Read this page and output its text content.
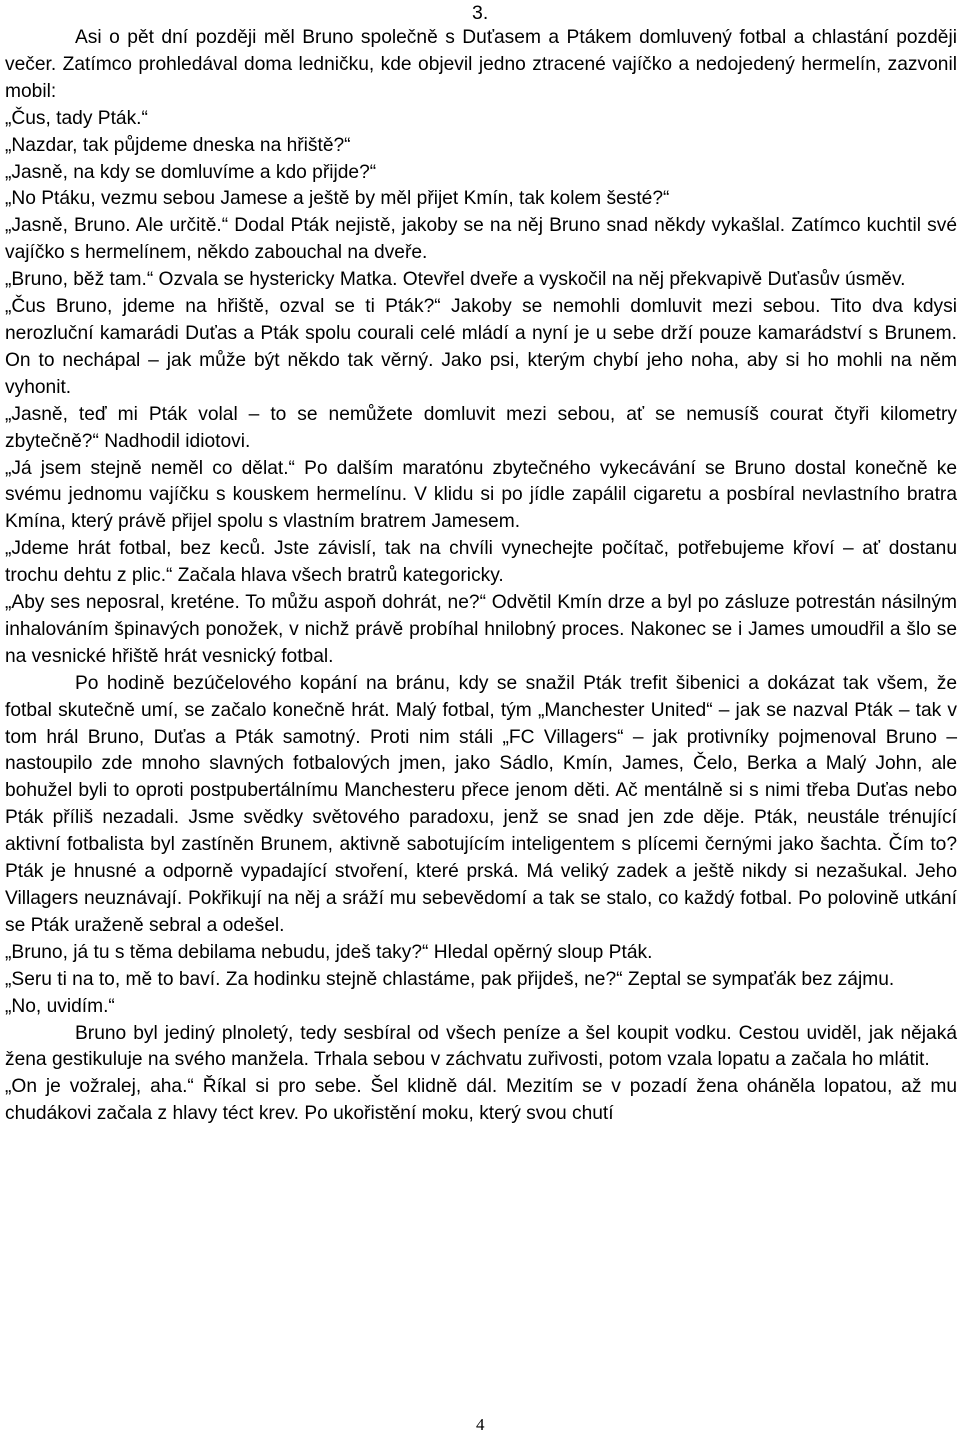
3.

Asi o pět dní později měl Bruno společně s Duťasem a Ptákem domluvený fotbal a chlastání později večer. Zatímco prohledával doma ledničku, kde objevil jedno ztracené vajíčko a nedojedený hermelín, zazvonil mobil:

„Čus, tady Pták.“

„Nazdar, tak půjdeme dneska na hřiště?“

„Jasně, na kdy se domluvíme a kdo přijde?“

„No Ptáku, vezmu sebou Jamese a ještě by měl přijet Kmín, tak kolem šesté?“

„Jasně, Bruno. Ale určitě.“ Dodal Pták nejistě, jakoby se na něj Bruno snad někdy vykašlal. Zatímco kuchtil své vajíčko s hermelínem, někdo zabouchal na dveře.

„Bruno, běž tam.“ Ozvala se hystericky Matka. Otevřel dveře a vyskočil na něj překvapivě Duťasův úsměv.

„Čus Bruno, jdeme na hřiště, ozval se ti Pták?“ Jakoby se nemohli domluvit mezi sebou. Tito dva kdysi nerozluční kamarádi Duťas a Pták spolu courali celé mládí a nyní je u sebe drží pouze kamarádství s Brunem. On to nechápal – jak může být někdo tak věrný. Jako psi, kterým chybí jeho noha, aby si ho mohli na něm vyhonit.

„Jasně, teď mi Pták volal – to se nemůžete domluvit mezi sebou, ať se nemusíš courat čtyři kilometry zbytečně?“ Nadhodil idiotovi.

„Já jsem stejně neměl co dělat.“ Po dalším maratónu zbytečného vykecávání se Bruno dostal konečně ke svému jednomu vajíčku s kouskem hermelínu. V klidu si po jídle zapálil cigaretu a posbíral nevlastního bratra Kmína, který právě přijel spolu s vlastním bratrem Jamesem.

„Jdeme hrát fotbal, bez keců. Jste závislí, tak na chvíli vynechejte počítač, potřebujeme křoví – ať dostanu trochu dehtu z plic.“ Začala hlava všech bratrů kategoricky.

„Aby ses neposral, kreténe. To můžu aspoň dohrát, ne?“ Odvětil Kmín drze a byl po zásluze potrestán násilným inhalováním špinavých ponožek, v nichž právě probíhal hnilobný proces. Nakonec se i James umoudřil a šlo se na vesnické hřiště hrát vesnický fotbal.

Po hodině bezúčelového kopání na bránu, kdy se snažil Pták trefit šibenici a dokázat tak všem, že fotbal skutečně umí, se začalo konečně hrát. Malý fotbal, tým „Manchester United“ – jak se nazval Pták – tak v tom hrál Bruno, Duťas a Pták samotný. Proti nim stáli „FC Villagers“ – jak protivníky pojmenoval Bruno – nastoupilo zde mnoho slavných fotbalových jmen, jako Sádlo, Kmín, James, Čelo, Berka a Malý John, ale bohužel byli to oproti postpubertálnímu Manchesteru přece jenom děti. Ač mentálně si s nimi třeba Duťas nebo Pták příliš nezadali. Jsme svědky světového paradoxu, jenž se snad jen zde děje. Pták, neustále trénující aktivní fotbalista byl zastíněn Brunem, aktivně sabotujícím inteligentem s plícemi černými jako šachta. Čím to? Pták je hnusné a odporně vypadající stvoření, které prská. Má veliký zadek a ještě nikdy si nezašukal. Jeho Villagers neuznávají. Pokřikují na něj a sráží mu sebevědomí a tak se stalo, co každý fotbal. Po polovině utkání se Pták uraženě sebral a odešel.

„Bruno, já tu s těma debilama nebudu, jdeš taky?“ Hledal opěrný sloup Pták.

„Seru ti na to, mě to baví. Za hodinku stejně chlastáme, pak přijdeš, ne?“ Zeptal se sympaťák bez zájmu.

„No, uvidím.“

Bruno byl jediný plnoletý, tedy sesbíral od všech peníze a šel koupit vodku. Cestou uviděl, jak nějaká žena gestikuluje na svého manžela. Trhala sebou v záchvatu zuřivosti, potom vzala lopatu a začala ho mlátit.

„On je vožralej, aha.“ Říkal si pro sebe. Šel klidně dál. Mezitím se v pozadí žena oháněla lopatou, až mu chudákovi začala z hlavy téct krev. Po ukořistění moku, který svou chutí

4
